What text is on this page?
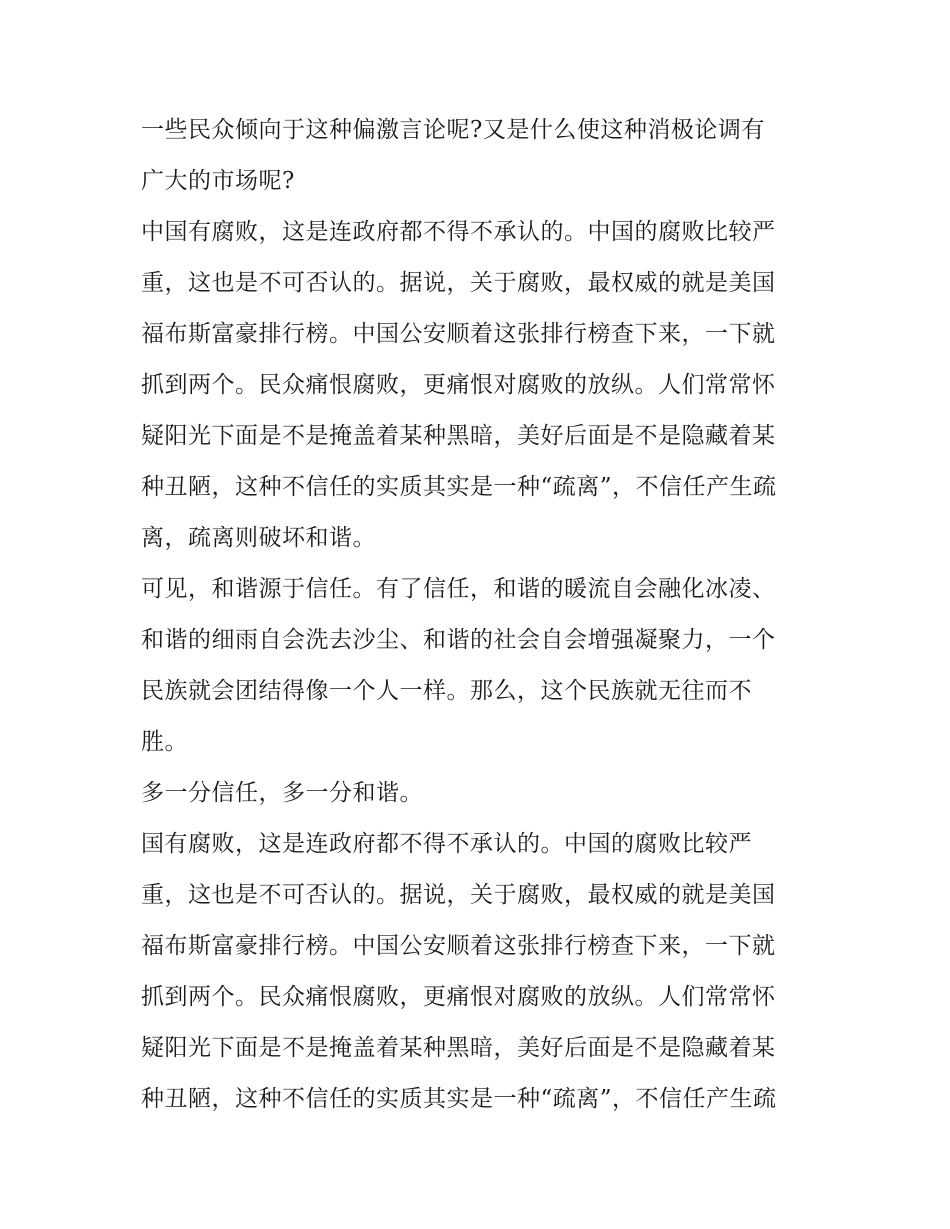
一些民众倾向于这种偏激言论呢?又是什么使这种消极论调有
广大的市场呢?
中国有腐败，这是连政府都不得不承认的。中国的腐败比较严
重，这也是不可否认的。据说，关于腐败，最权威的就是美国
福布斯富豪排行榜。中国公安顺着这张排行榜查下来，一下就
抓到两个。民众痛恨腐败，更痛恨对腐败的放纵。人们常常怀
疑阳光下面是不是掩盖着某种黑暗，美好后面是不是隐藏着某
种丑陋，这种不信任的实质其实是一种“疏离”，不信任产生疏
离，疏离则破坏和谐。
可见，和谐源于信任。有了信任，和谐的暖流自会融化冰凌、
和谐的细雨自会洗去沙尘、和谐的社会自会增强凝聚力，一个
民族就会团结得像一个人一样。那么，这个民族就无往而不
胜。
多一分信任，多一分和谐。
国有腐败，这是连政府都不得不承认的。中国的腐败比较严
重，这也是不可否认的。据说，关于腐败，最权威的就是美国
福布斯富豪排行榜。中国公安顺着这张排行榜查下来，一下就
抓到两个。民众痛恨腐败，更痛恨对腐败的放纵。人们常常怀
疑阳光下面是不是掩盖着某种黑暗，美好后面是不是隐藏着某
种丑陋，这种不信任的实质其实是一种“疏离”，不信任产生疏
